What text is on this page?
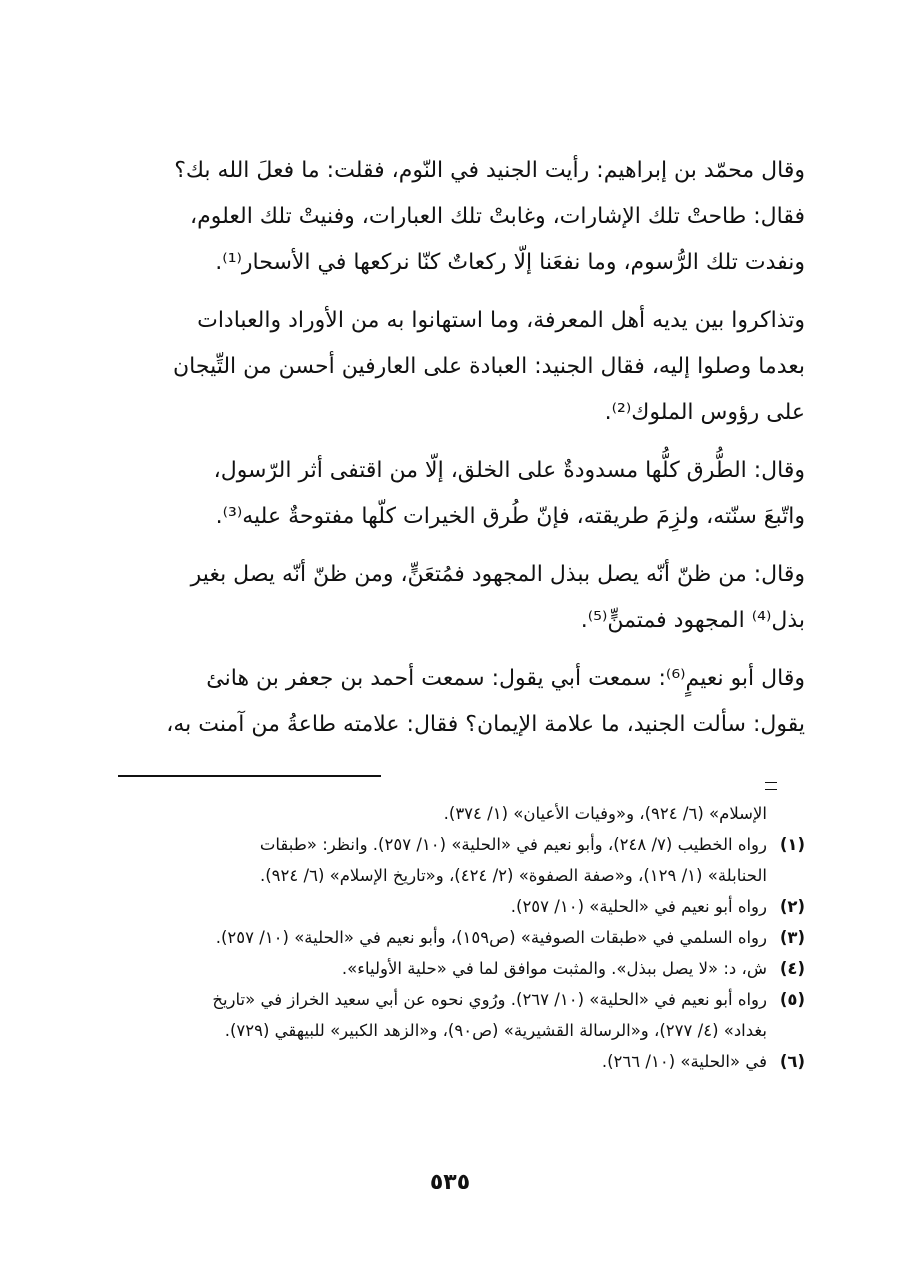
وقال محمّد بن إبراهيم: رأيت الجنيد في النّوم، فقلت: ما فعلَ الله بك؟
فقال: طاحتْ تلك الإشارات، وغابتْ تلك العبارات، وفنيتْ تلك العلوم،
ونفدت تلك الرُّسوم، وما نفعَنا إلّا ركعاتٌ كنّا نركعها في الأسحار⁽¹⁾.

وتذاكروا بين يديه أهل المعرفة، وما استهانوا به من الأوراد والعبادات
بعدما وصلوا إليه، فقال الجنيد: العبادة على العارفين أحسن من التِّيجان
على رؤوس الملوك⁽²⁾.

وقال: الطُّرق كلُّها مسدودةٌ على الخلق، إلّا من اقتفى أثر الرّسول،
واتّبعَ سنّته، ولزِمَ طريقته، فإنّ طُرق الخيرات كلّها مفتوحةٌ عليه⁽³⁾.

وقال: من ظنّ أنّه يصل ببذل المجهود فمُتعَنٍّ، ومن ظنّ أنّه يصل بغير
بذل⁽⁴⁾ المجهود فمتمنٍّ⁽⁵⁾.

وقال أبو نعيمٍ⁽⁶⁾: سمعت أبي يقول: سمعت أحمد بن جعفر بن هانئ
يقول: سألت الجنيد، ما علامة الإيمان؟ فقال: علامته طاعةُ من آمنت به،

الإسلام» (٦/ ٩٢٤)، و«وفيات الأعيان» (١/ ٣٧٤).
(١)
رواه الخطيب (٧/ ٢٤٨)، وأبو نعيم في «الحلية» (١٠/ ٢٥٧). وانظر: «طبقات
الحنابلة» (١/ ١٢٩)، و«صفة الصفوة» (٢/ ٤٢٤)، و«تاريخ الإسلام» (٦/ ٩٢٤).
(٢)
رواه أبو نعيم في «الحلية» (١٠/ ٢٥٧).
(٣)
رواه السلمي في «طبقات الصوفية» (ص١٥٩)، وأبو نعيم في «الحلية» (١٠/ ٢٥٧).
(٤)
ش، د: «لا يصل ببذل». والمثبت موافق لما في «حلية الأولياء».
(٥)
رواه أبو نعيم في «الحلية» (١٠/ ٢٦٧). ورُوي نحوه عن أبي سعيد الخراز في «تاريخ
بغداد» (٤/ ٢٧٧)، و«الرسالة القشيرية» (ص٩٠)، و«الزهد الكبير» للبيهقي (٧٢٩).
(٦)
في «الحلية» (١٠/ ٢٦٦).
٥٣٥
